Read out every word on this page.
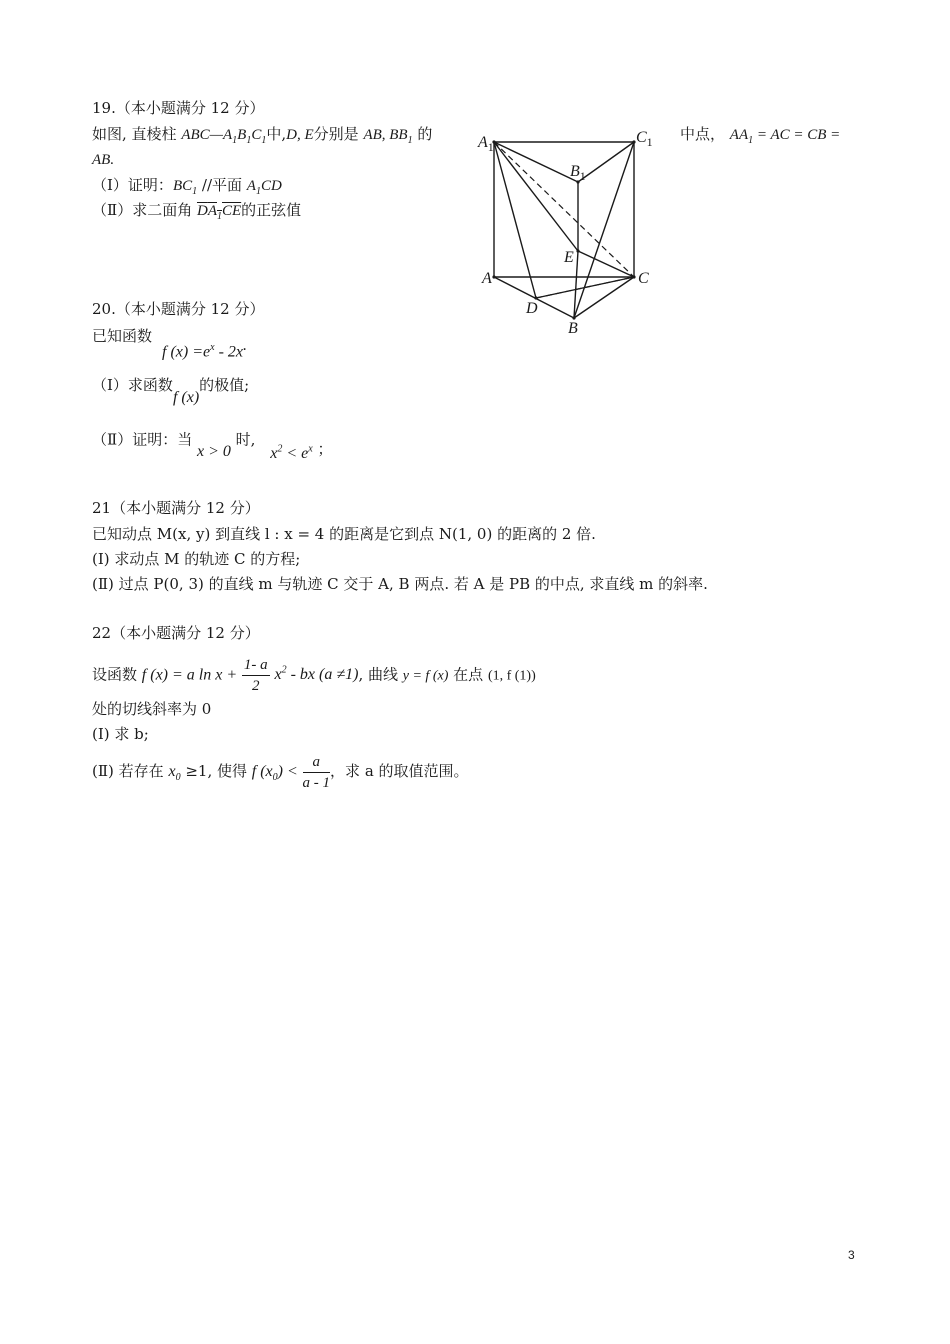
19.（本小题满分 12 分）
如图, 直棱柱 $ABC—A_1B_1C_1$中,D, E分别是 AB, $BB_1$ 的	中点， $AA_1$ = AC = CB =
AB.
（Ⅰ）证明：$BC_1$ //平面 $A_1CD$
（Ⅱ）求二面角 $DA_1CE$的正弦值
$A_1$
$C_1$
$B_1$
E
A	C
D
B
20.（本小题满分 12 分）
已知函数
f $(x) =e^x - 2x$.
（Ⅰ）求函数f (x)的极值;
（Ⅱ）证明：当 x > 0 时, $x^2 < e^x$ ；
21（本小题满分 12 分）
已知动点 M(x, y) 到直线 l : x = 4 的距离是它到点 N(1, 0) 的距离的 2 倍.
(Ⅰ) 求动点 M 的轨迹 C 的方程;
(Ⅱ) 过点 P(0, 3) 的直线 m 与轨迹 C 交于 A, B 两点. 若 A 是 PB 的中点, 求直线 m 的斜率.
22（本小题满分 12 分）
设函数 f (x) = a $\ln x + \frac{1- a}{2} x^2$ - bx (a ≠1), 曲线 y = f (x) 在点 (1, f (1))
处的切线斜率为 0
(Ⅰ) 求 b;
(Ⅱ) 若存在 $x_0 \ge 1$, 使得 f $(x_0) < \frac{a}{a - 1}$ ，求 a 的取值范围。
3
